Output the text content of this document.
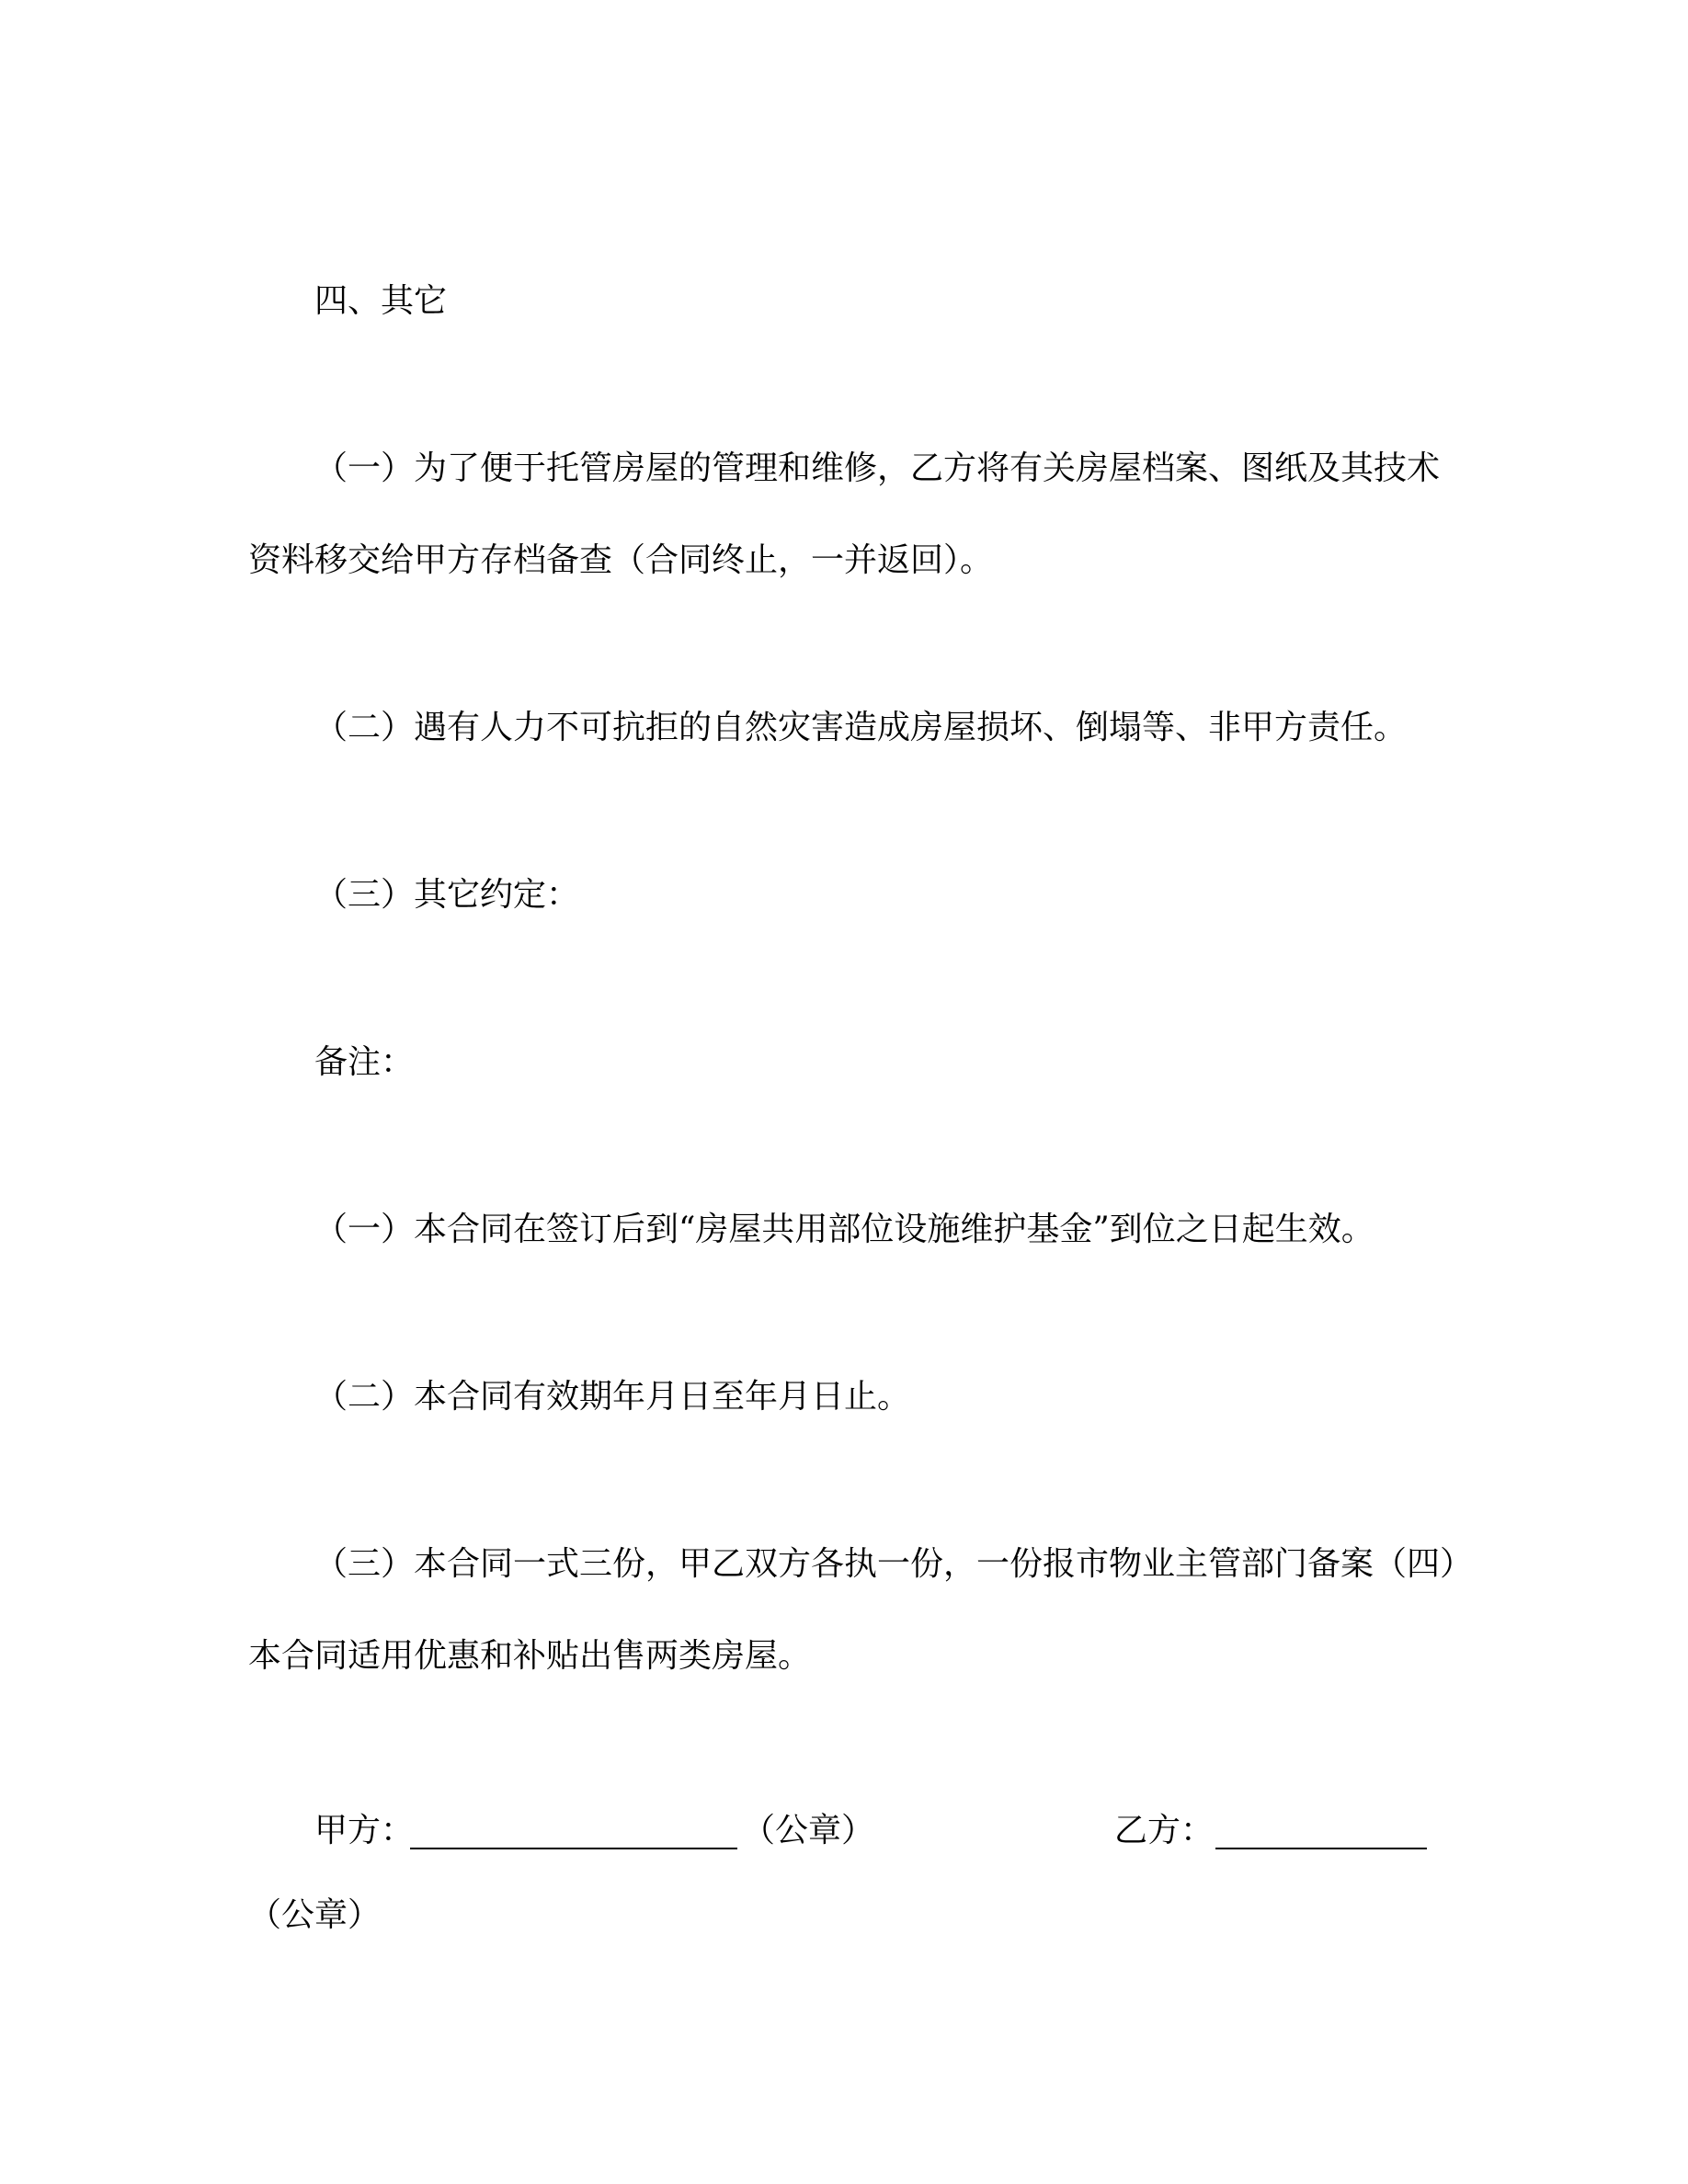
四、其它
（一）为了便于托管房屋的管理和维修，乙方将有关房屋档案、图纸及其技术
资料移交给甲方存档备查（合同终止，一并返回）。
（二）遇有人力不可抗拒的自然灾害造成房屋损坏、倒塌等、非甲方责任。
（三）其它约定：
备注：
（一）本合同在签订后到“房屋共用部位设施维护基金”到位之日起生效。
（二）本合同有效期年月日至年月日止。
（三）本合同一式三份，甲乙双方各执一份，一份报市物业主管部门备案（四）
本合同适用优惠和补贴出售两类房屋。
甲方：	（公章）	乙方：
（公章）
